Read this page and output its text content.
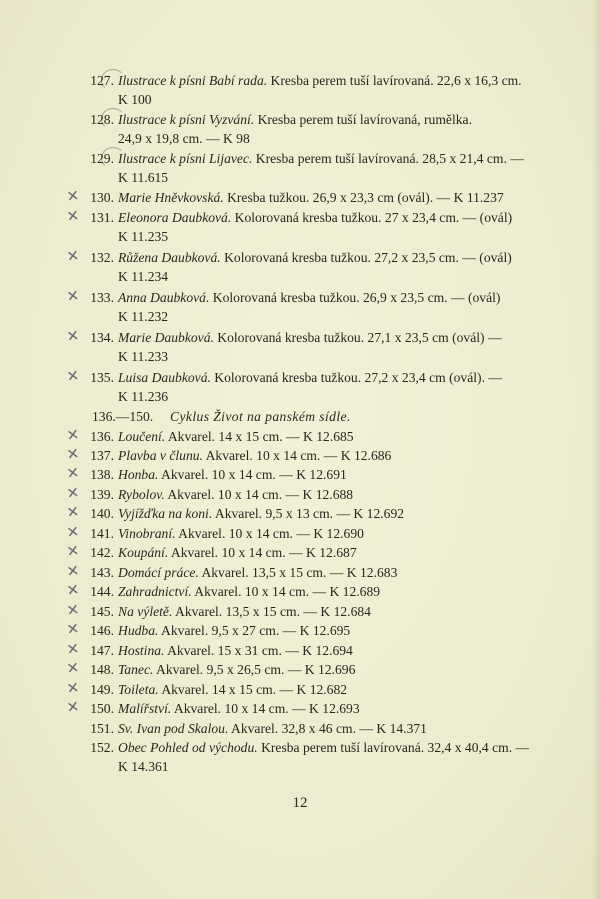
127. Ilustrace k písni Babí rada. Kresba perem tuší lavírovaná. 22,6 x 16,3 cm.
K 100
128. Ilustrace k písni Vyzvání. Kresba perem tuší lavírovaná, rumělka.
24,9 x 19,8 cm. — K 98
129. Ilustrace k písni Lijavec. Kresba perem tuší lavírovaná. 28,5 x 21,4 cm. —
K 11.615
✕ 130. Marie Hněvkovská. Kresba tužkou. 26,9 x 23,3 cm (ovál). — K 11.237
✕ 131. Eleonora Daubková. Kolorovaná kresba tužkou. 27 x 23,4 cm. — (ovál)
K 11.235
✕ 132. Růžena Daubková. Kolorovaná kresba tužkou. 27,2 x 23,5 cm. — (ovál)
K 11.234
✕ 133. Anna Daubková. Kolorovaná kresba tužkou. 26,9 x 23,5 cm. — (ovál)
K 11.232
✕ 134. Marie Daubková. Kolorovaná kresba tužkou. 27,1 x 23,5 cm (ovál) —
K 11.233
✕ 135. Luisa Daubková. Kolorovaná kresba tužkou. 27,2 x 23,4 cm (ovál). —
K 11.236
136.—150. Cyklus Život na panském sídle.
✕ 136. Loučení. Akvarel. 14 x 15 cm. — K 12.685
✕ 137. Plavba v člunu. Akvarel. 10 x 14 cm. — K 12.686
✕ 138. Honba. Akvarel. 10 x 14 cm. — K 12.691
✕ 139. Rybolov. Akvarel. 10 x 14 cm. — K 12.688
✕ 140. Vyjížďka na koni. Akvarel. 9,5 x 13 cm. — K 12.692
✕ 141. Vinobraní. Akvarel. 10 x 14 cm. — K 12.690
✕ 142. Koupání. Akvarel. 10 x 14 cm. — K 12.687
✕ 143. Domácí práce. Akvarel. 13,5 x 15 cm. — K 12.683
✕ 144. Zahradnictví. Akvarel. 10 x 14 cm. — K 12.689
✕ 145. Na výletě. Akvarel. 13,5 x 15 cm. — K 12.684
✕ 146. Hudba. Akvarel. 9,5 x 27 cm. — K 12.695
✕ 147. Hostina. Akvarel. 15 x 31 cm. — K 12.694
✕ 148. Tanec. Akvarel. 9,5 x 26,5 cm. — K 12.696
✕ 149. Toileta. Akvarel. 14 x 15 cm. — K 12.682
✕ 150. Malířství. Akvarel. 10 x 14 cm. — K 12.693
151. Sv. Ivan pod Skalou. Akvarel. 32,8 x 46 cm. — K 14.371
152. Obec Pohled od východu. Kresba perem tuší lavírovaná. 32,4 x 40,4 cm. —
K 14.361
12
